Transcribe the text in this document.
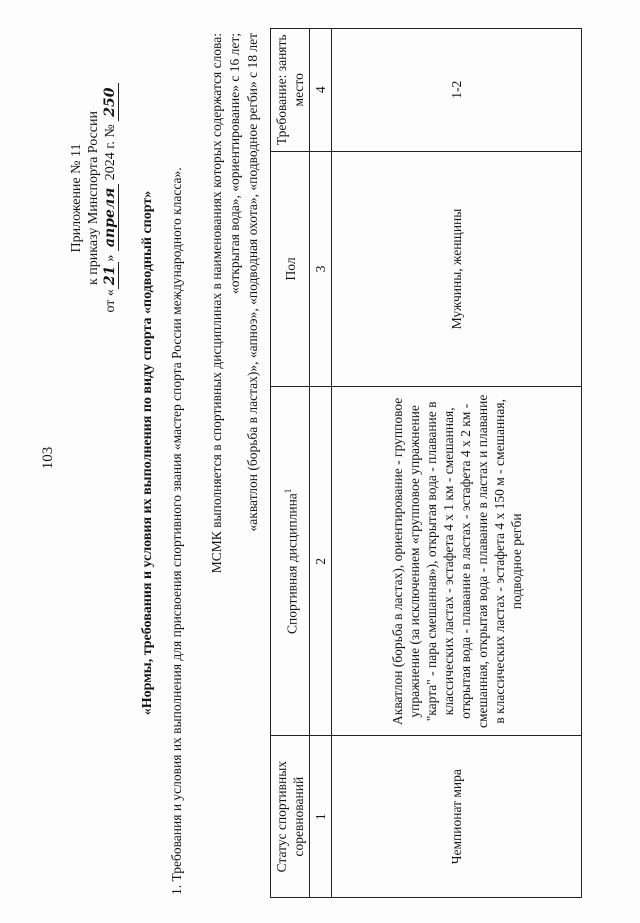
103
Приложение № 11 к приказу Минспорта России
от «21» апреля 2024 г. № 250
«Нормы, требования и условия их выполнения по виду спорта «подводный спорт» 1. Требования и условия их выполнения для присвоения спортивного звания «мастер спорта России международного класса». МСМК выполняется в спортивных дисциплинах в наименованиях которых содержатся слова: «открытая вода», «ориентирование» с 16 лет; «акватлон (борьба в ластах)», «апноэ», «подводная охота», «подводное регби» с 18 лет
Статус спортивных соревнований	Спортивная дисциплина$^1$	Пол	Требование: занять место
1	2	3	4
Чемпионат мира	Акватлон (борьба в ластах), ориентирование - групповое упражнение (за исключением «групповое упражнение "карта" - пара смешанная»), открытая вода - плавание в классических ластах - эстафета 4 х 1 км - смешанная, открытая вода - плавание в ластах - эстафета 4 х 2 км - смешанная, открытая вода - плавание в ластах и плавание в классических ластах - эстафета 4 х 150 м - смешанная, подводное регби	Мужчины, женщины	1-2
